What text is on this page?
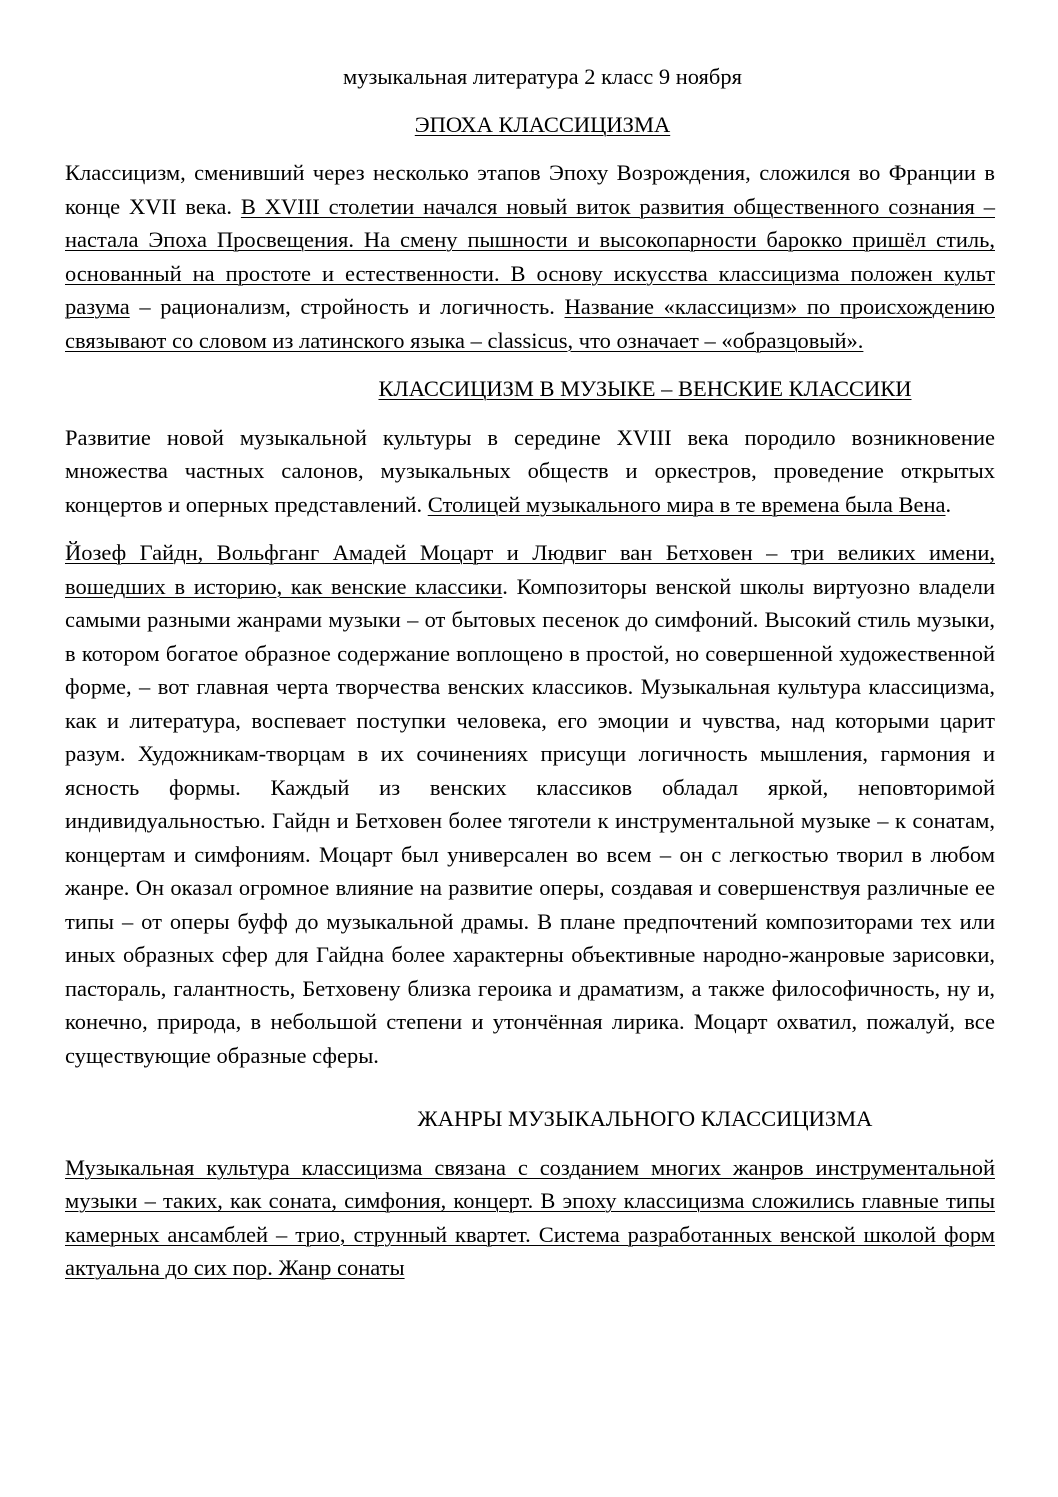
музыкальная литература 2 класс 9 ноября
ЭПОХА КЛАССИЦИЗМА
Классицизм, сменивший через несколько этапов Эпоху Возрождения, сложился во Франции в конце XVII века. В XVIII столетии начался новый виток развития общественного сознания – настала Эпоха Просвещения. На смену пышности и высокопарности барокко пришёл стиль, основанный на простоте и естественности. В основу искусства классицизма положен культ разума – рационализм, стройность и логичность. Название «классицизм» по происхождению связывают со словом из латинского языка – classicus, что означает – «образцовый».
КЛАССИЦИЗМ В МУЗЫКЕ – ВЕНСКИЕ КЛАССИКИ
Развитие новой музыкальной культуры в середине XVIII века породило возникновение множества частных салонов, музыкальных обществ и оркестров, проведение открытых концертов и оперных представлений. Столицей музыкального мира в те времена была Вена.
Йозеф Гайдн, Вольфганг Амадей Моцарт и Людвиг ван Бетховен – три великих имени, вошедших в историю, как венские классики. Композиторы венской школы виртуозно владели самыми разными жанрами музыки – от бытовых песенок до симфоний. Высокий стиль музыки, в котором богатое образное содержание воплощено в простой, но совершенной художественной форме, – вот главная черта творчества венских классиков. Музыкальная культура классицизма, как и литература, воспевает поступки человека, его эмоции и чувства, над которыми царит разум. Художникам-творцам в их сочинениях присущи логичность мышления, гармония и ясность формы. Каждый из венских классиков обладал яркой, неповторимой индивидуальностью. Гайдн и Бетховен более тяготели к инструментальной музыке – к сонатам, концертам и симфониям. Моцарт был универсален во всем – он с легкостью творил в любом жанре. Он оказал огромное влияние на развитие оперы, создавая и совершенствуя различные ее типы – от оперы буфф до музыкальной драмы. В плане предпочтений композиторами тех или иных образных сфер для Гайдна более характерны объективные народно-жанровые зарисовки, пастораль, галантность, Бетховену близка героика и драматизм, а также философичность, ну и, конечно, природа, в небольшой степени и утончённая лирика. Моцарт охватил, пожалуй, все существующие образные сферы.
ЖАНРЫ МУЗЫКАЛЬНОГО КЛАССИЦИЗМА
Музыкальная культура классицизма связана с созданием многих жанров инструментальной музыки – таких, как соната, симфония, концерт. В эпоху классицизма сложились главные типы камерных ансамблей – трио, струнный квартет. Система разработанных венской школой форм актуальна до сих пор. Жанр сонаты
